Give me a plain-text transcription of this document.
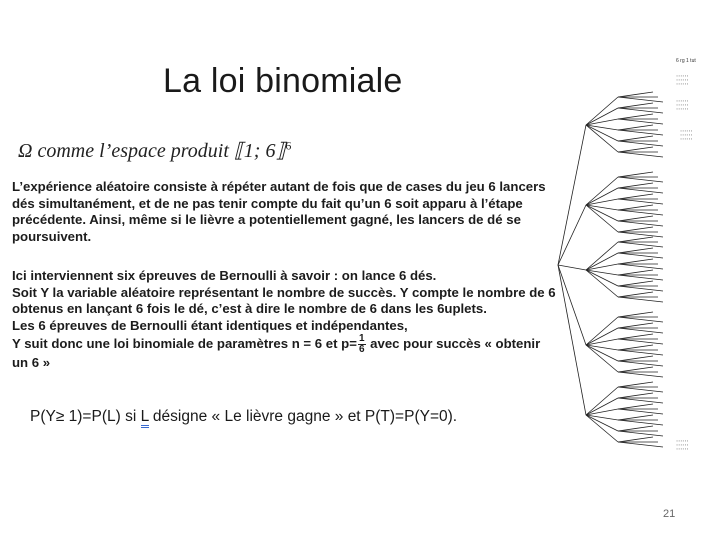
La loi binomiale
Ω comme l’espace produit ⟦1; 6⟧$^6$
L’expérience aléatoire consiste à répéter autant de fois que de cases du jeu 6 lancers dés simultanément, et de ne pas tenir compte du fait qu’un 6 soit apparu à l’étape précédente. Ainsi, même si le lièvre a potentiellement gagné, les lancers de dé se poursuivent.
Ici interviennent six épreuves de Bernoulli à savoir : on lance 6 dés.
Soit Y la variable aléatoire représentant le nombre de succès. Y compte le nombre de 6 obtenus en lançant 6 fois le dé, c’est à dire le nombre de 6 dans les 6uplets.
Les 6 épreuves de Bernoulli étant identiques et indépendantes,
Y suit donc une loi binomiale de paramètres n = 6 et $p= \frac{1}{6}$ avec pour succès « obtenir un 6 »
P(Y≥ 1)=P(L) si L désigne « Le lièvre gagne » et P(T)=P(Y=0).
6 rg 1 tut
▪▪▪▪▪▪
▪▪▪▪▪▪
▪▪▪▪▪▪
▪▪▪▪▪▪
▪▪▪▪▪▪
▪▪▪▪▪▪
▪▪▪▪▪▪
▪▪▪▪▪▪
▪▪▪▪▪▪
▪▪▪▪▪▪
▪▪▪▪▪▪
▪▪▪▪▪▪
21
